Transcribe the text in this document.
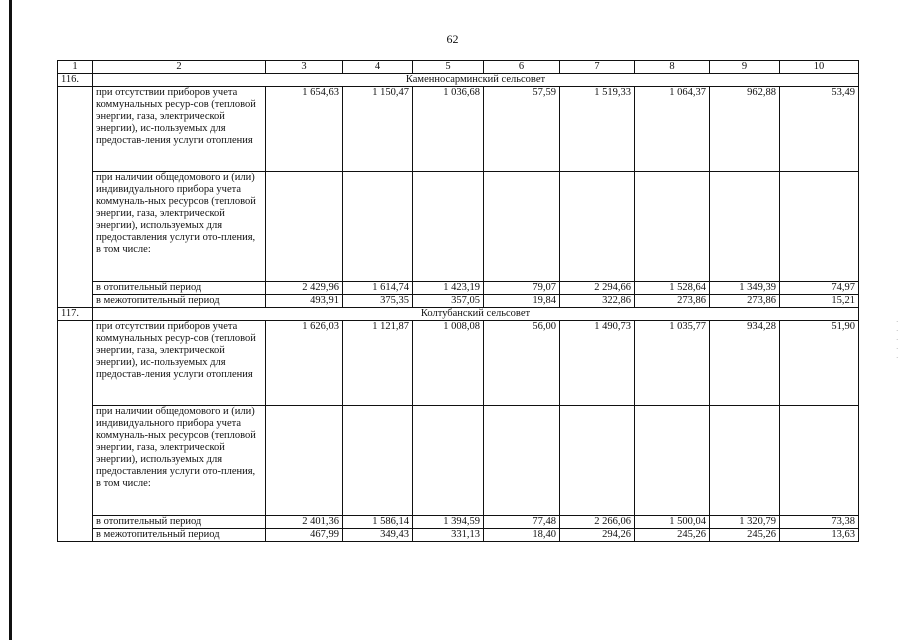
62
·
·
·
·
·
1	2	3	4	5	6	7	8	9	10
116.	Каменносарминский сельсовет								
	при отсутствии приборов учета коммунальных ресур-сов (тепловой энергии, газа, электрической энергии), ис-пользуемых для предостав-ления услуги отопления	1 654,63	1 150,47	1 036,68	57,59	1 519,33	1 064,37	962,88	53,49
	при наличии общедомового и (или) индивидуального прибора учета коммуналь-ных ресурсов (тепловой энергии, газа, электрической энергии), используемых для предоставления услуги ото-пления, в том числе:								
	в отопительный период	2 429,96	1 614,74	1 423,19	79,07	2 294,66	1 528,64	1 349,39	74,97
	в межотопительный период	493,91	375,35	357,05	19,84	322,86	273,86	273,86	15,21
117.	Колтубанский сельсовет								
	при отсутствии приборов учета коммунальных ресур-сов (тепловой энергии, газа, электрической энергии), ис-пользуемых для предостав-ления услуги отопления	1 626,03	1 121,87	1 008,08	56,00	1 490,73	1 035,77	934,28	51,90
	при наличии общедомового и (или) индивидуального прибора учета коммуналь-ных ресурсов (тепловой энергии, газа, электрической энергии), используемых для предоставления услуги ото-пления, в том числе:								
	в отопительный период	2 401,36	1 586,14	1 394,59	77,48	2 266,06	1 500,04	1 320,79	73,38
	в межотопительный период	467,99	349,43	331,13	18,40	294,26	245,26	245,26	13,63
